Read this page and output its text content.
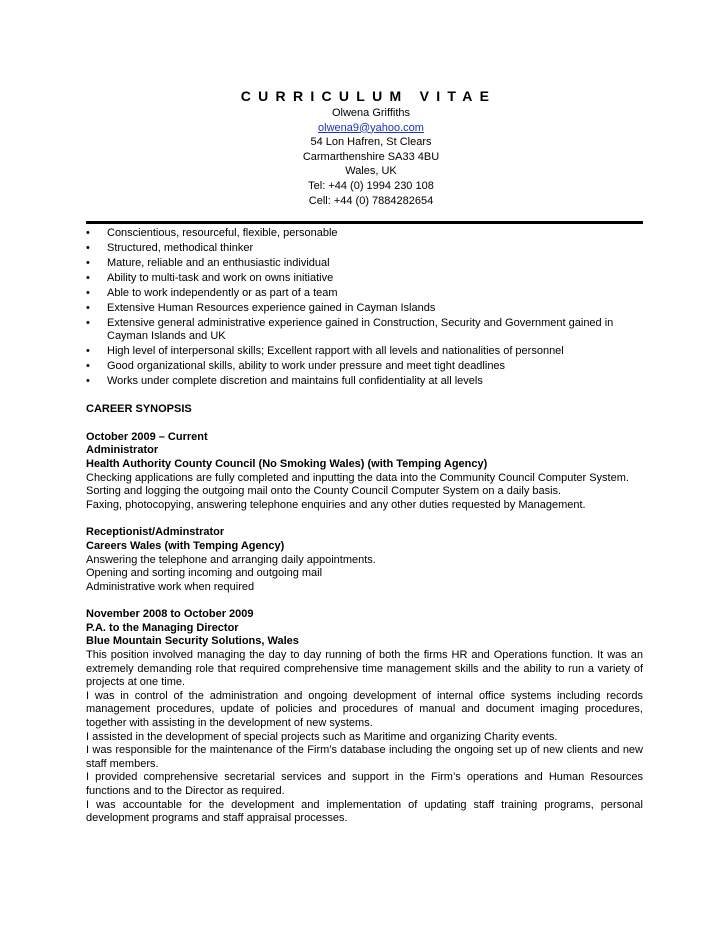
CURRICULUM VITAE
Olwena Griffiths
olwena9@yahoo.com
54 Lon Hafren, St Clears
Carmarthenshire SA33 4BU
Wales, UK
Tel: +44 (0) 1994 230 108
Cell: +44 (0) 7884282654
•	Conscientious, resourceful, flexible, personable
•	Structured, methodical thinker
•	Mature, reliable and an enthusiastic individual
•	Ability to multi-task and work on owns initiative
•	Able to work independently or as part of a team
•	Extensive Human Resources experience gained in Cayman Islands
•	Extensive general administrative experience gained in Construction, Security and Government gained in Cayman Islands and UK
•	High level of interpersonal skills; Excellent rapport with all levels and nationalities of personnel
•	Good organizational skills, ability to work under pressure and meet tight deadlines
•	Works under complete discretion and maintains full confidentiality at all levels
CAREER SYNOPSIS
October 2009 – Current
Administrator
Health Authority County Council (No Smoking Wales) (with Temping Agency)
Checking applications are fully completed and inputting the data into the Community Council Computer System.
Sorting and logging the outgoing mail onto the County Council Computer System on a daily basis.
Faxing, photocopying, answering telephone enquiries and any other duties requested by Management.
Receptionist/Adminstrator
Careers Wales (with Temping Agency)
Answering the telephone and arranging daily appointments.
Opening and sorting incoming and outgoing mail
Administrative work when required
November 2008 to October 2009
P.A. to the Managing Director
Blue Mountain Security Solutions, Wales
This position involved managing the day to day running of both the firms HR and Operations function. It was an extremely demanding role that required comprehensive time management skills and the ability to run a variety of projects at one time.
I was in control of the administration and ongoing development of internal office systems including records management procedures, update of policies and procedures of manual and document imaging procedures, together with assisting in the development of new systems.
I assisted in the development of special projects such as Maritime and organizing Charity events.
I was responsible for the maintenance of the Firm’s database including the ongoing set up of new clients and new staff members.
I provided comprehensive secretarial services and support in the Firm’s operations and Human Resources functions and to the Director as required.
I was accountable for the development and implementation of updating staff training programs, personal development programs and staff appraisal processes.
